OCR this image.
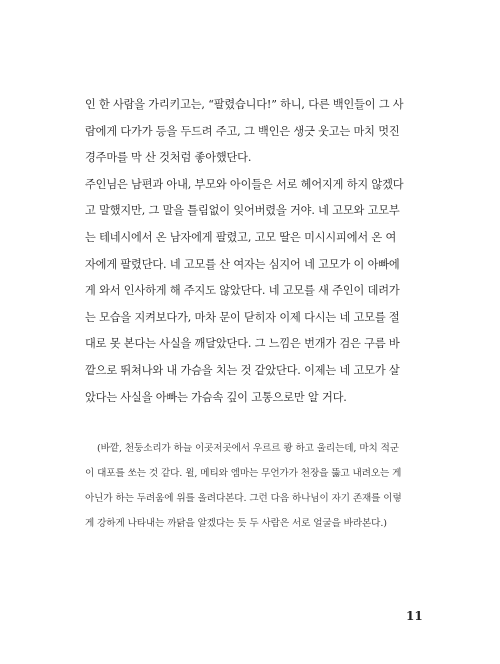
인 한 사람을 가리키고는, “팔렸습니다!” 하니, 다른 백인들이 그 사
람에게 다가가 등을 두드려 주고, 그 백인은 생긋 웃고는 마치 멋진
경주마를 막 산 것처럼 좋아했단다.
주인님은 남편과 아내, 부모와 아이들은 서로 헤어지게 하지 않겠다
고 말했지만, 그 말을 틀림없이 잊어버렸을 거야. 네 고모와 고모부
는 테네시에서 온 남자에게 팔렸고, 고모 딸은 미시시피에서 온 여
자에게 팔렸단다. 네 고모를 산 여자는 심지어 네 고모가 이 아빠에
게 와서 인사하게 해 주지도 않았단다. 네 고모를 새 주인이 데려가
는 모습을 지켜보다가, 마차 문이 닫히자 이제 다시는 네 고모를 절
대로 못 본다는 사실을 깨달았단다. 그 느낌은 번개가 검은 구름 바
깥으로 뛰쳐나와 내 가슴을 치는 것 같았단다. 이제는 네 고모가 살
았다는 사실을 아빠는 가슴속 깊이 고통으로만 알 거다.
(바깥, 천둥소리가 하늘 이곳저곳에서 우르르 쾅 하고 울리는데, 마치 적군
이 대포를 쏘는 것 같다. 윌, 메티와 엠마는 무언가가 천장을 뚫고 내려오는 게
아닌가 하는 두려움에 위를 올려다본다. 그런 다음 하나님이 자기 존재를 이렇
게 강하게 나타내는 까닭을 알겠다는 듯 두 사람은 서로 얼굴을 바라본다.)
11
